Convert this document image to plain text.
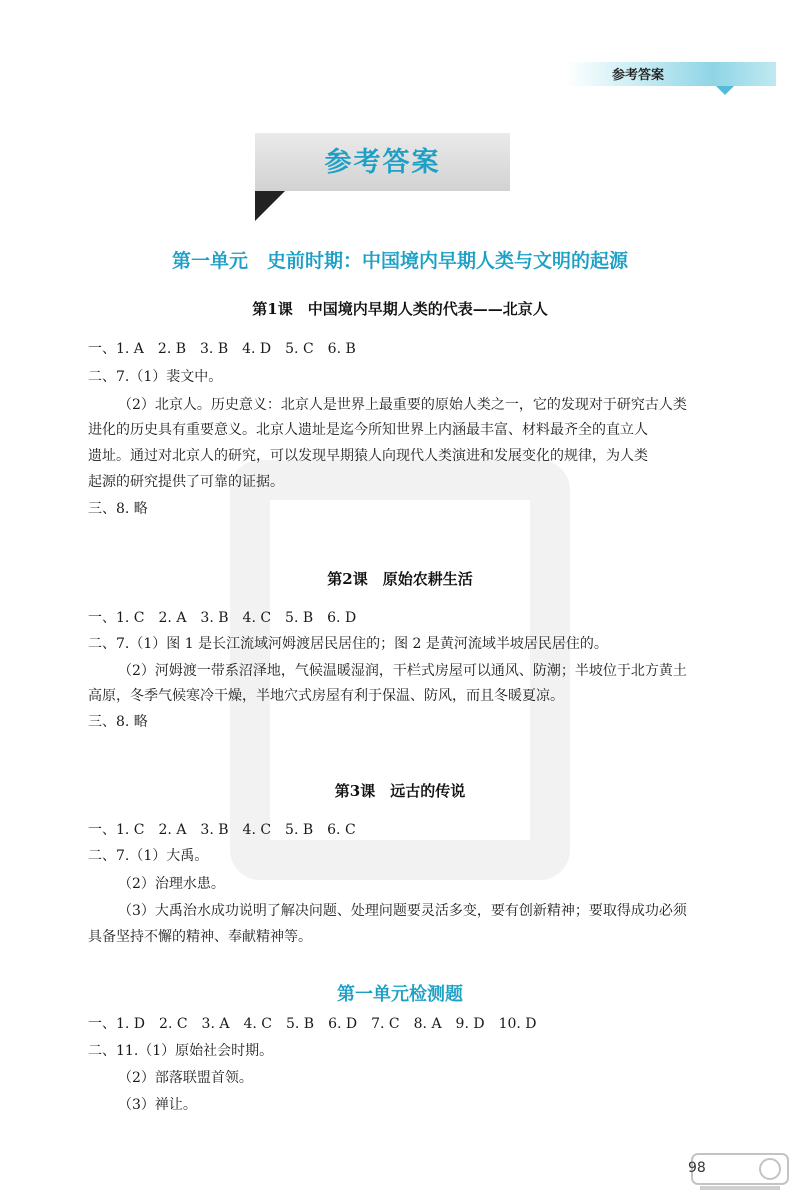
参考答案
参考答案
第一单元　史前时期：中国境内早期人类与文明的起源
第1课　中国境内早期人类的代表——北京人
一、1. A　2. B　3. B　4. D　5. C　6. B
二、7.（1）裴文中。
（2）北京人。历史意义：北京人是世界上最重要的原始人类之一，它的发现对于研究古人类
进化的历史具有重要意义。北京人遗址是迄今所知世界上内涵最丰富、材料最齐全的直立人
遗址。通过对北京人的研究，可以发现早期猿人向现代人类演进和发展变化的规律，为人类
起源的研究提供了可靠的证据。
三、8. 略
第2课　原始农耕生活
一、1. C　2. A　3. B　4. C　5. B　6. D
二、7.（1）图 1 是长江流域河姆渡居民居住的；图 2 是黄河流域半坡居民居住的。
（2）河姆渡一带系沼泽地，气候温暖湿润，干栏式房屋可以通风、防潮；半坡位于北方黄土
高原，冬季气候寒冷干燥，半地穴式房屋有利于保温、防风，而且冬暖夏凉。
三、8. 略
第3课　远古的传说
一、1. C　2. A　3. B　4. C　5. B　6. C
二、7.（1）大禹。
（2）治理水患。
（3）大禹治水成功说明了解决问题、处理问题要灵活多变，要有创新精神；要取得成功必须
具备坚持不懈的精神、奉献精神等。
第一单元检测题
一、1. D　2. C　3. A　4. C　5. B　6. D　7. C　8. A　9. D　10. D
二、11.（1）原始社会时期。
（2）部落联盟首领。
（3）禅让。
98
